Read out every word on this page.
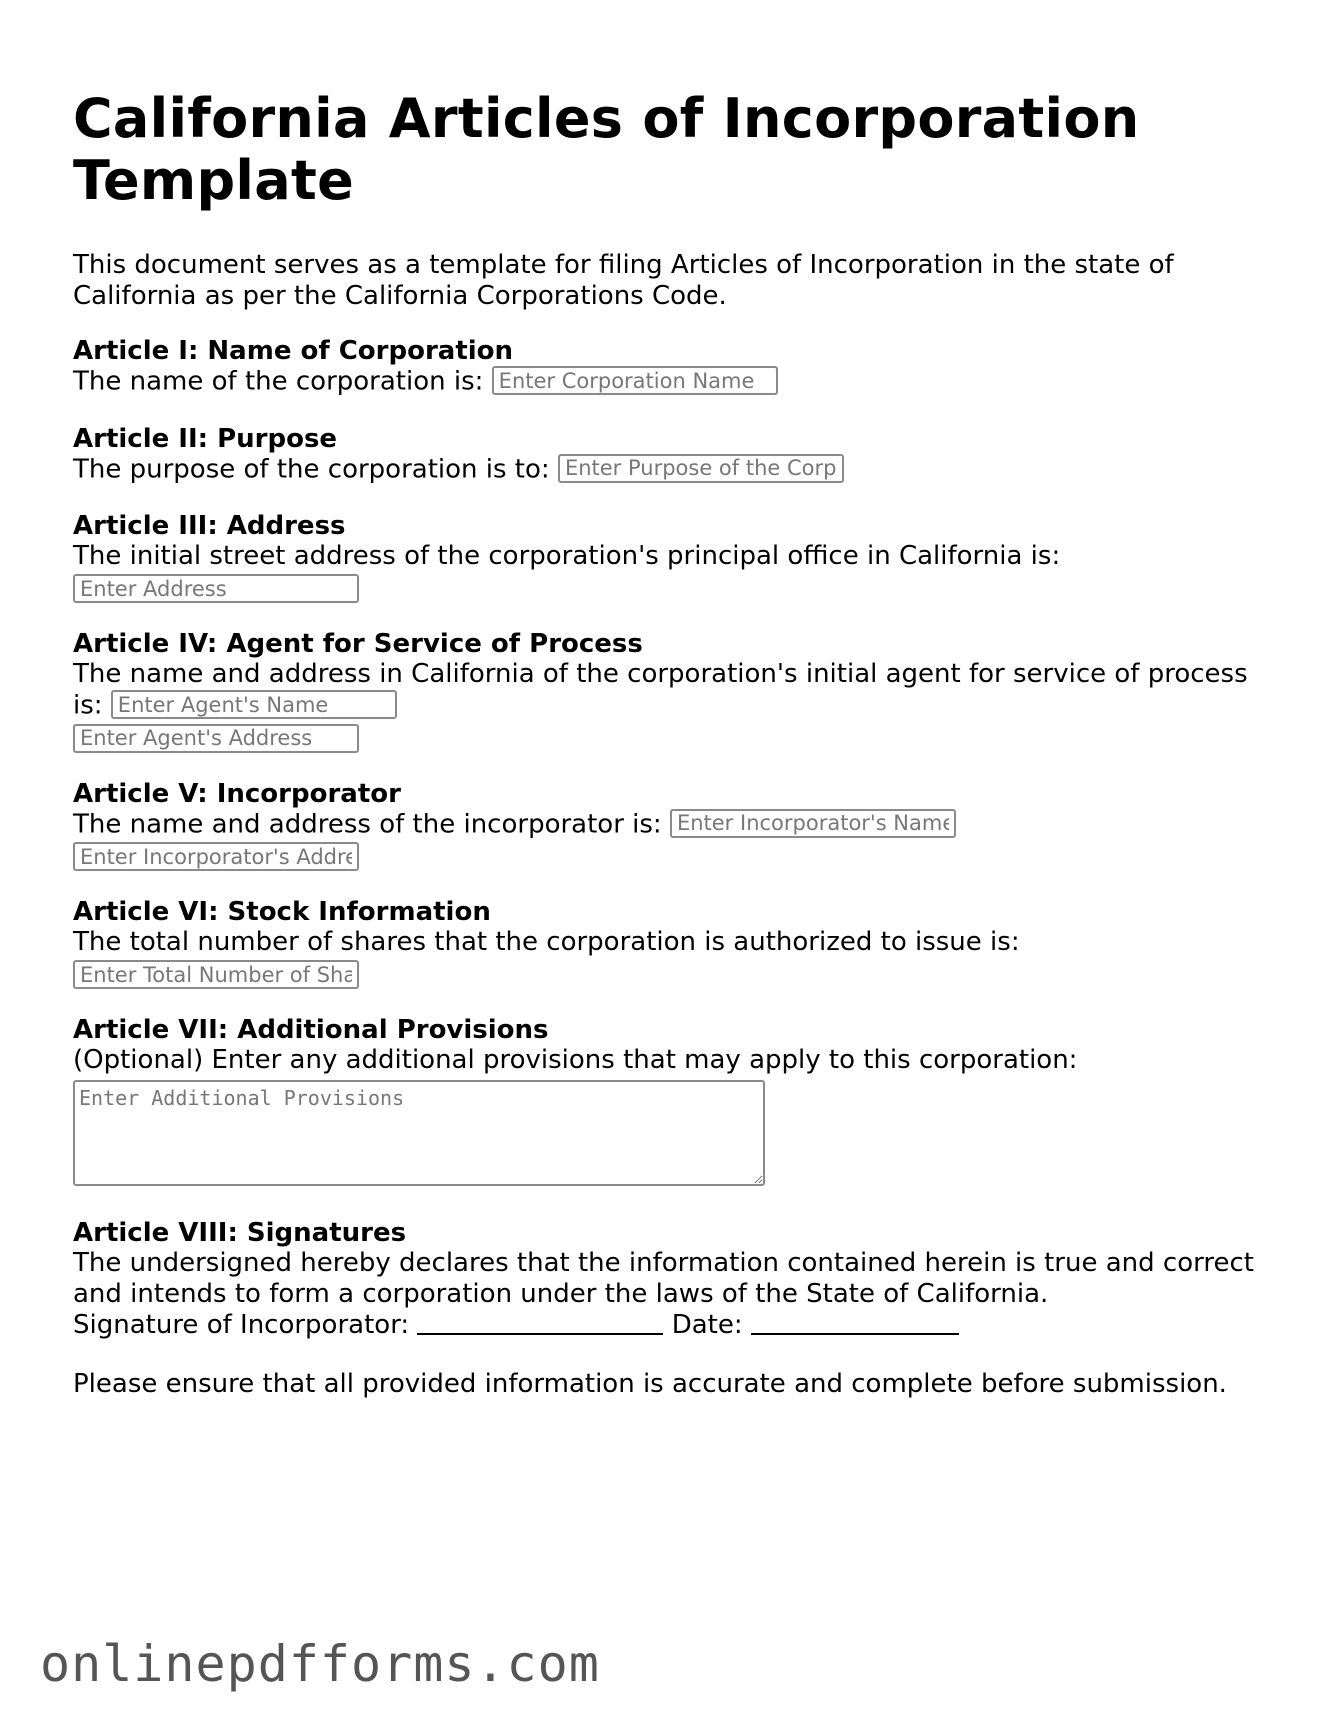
California Articles of Incorporation Template

This document serves as a template for filing Articles of Incorporation in the state of California as per the California Corporations Code.

Article I: Name of Corporation

The name of the corporation is: Enter Corporation Name

Article II: Purpose

The purpose of the corporation is to: Enter Purpose of the Corporation

Article III: Address

The initial street address of the corporation's principal office in California is:

Enter Address
Article IV: Agent for Service of Process

The name and address in California of the corporation's initial agent for service of process is: Enter Agent's Name

Enter Agent's Address
Article V: Incorporator

The name and address of the incorporator is: Enter Incorporator's Name

Enter Incorporator's Address
Article VI: Stock Information

The total number of shares that the corporation is authorized to issue is:

Enter Total Number of Shares
Article VII: Additional Provisions

(Optional) Enter any additional provisions that may apply to this corporation:

Enter Additional Provisions
Article VIII: Signatures

The undersigned hereby declares that the information contained herein is true and correct and intends to form a corporation under the laws of the State of California.

Signature of Incorporator:	Date:

Please ensure that all provided information is accurate and complete before submission.

onlinepdfforms.com
